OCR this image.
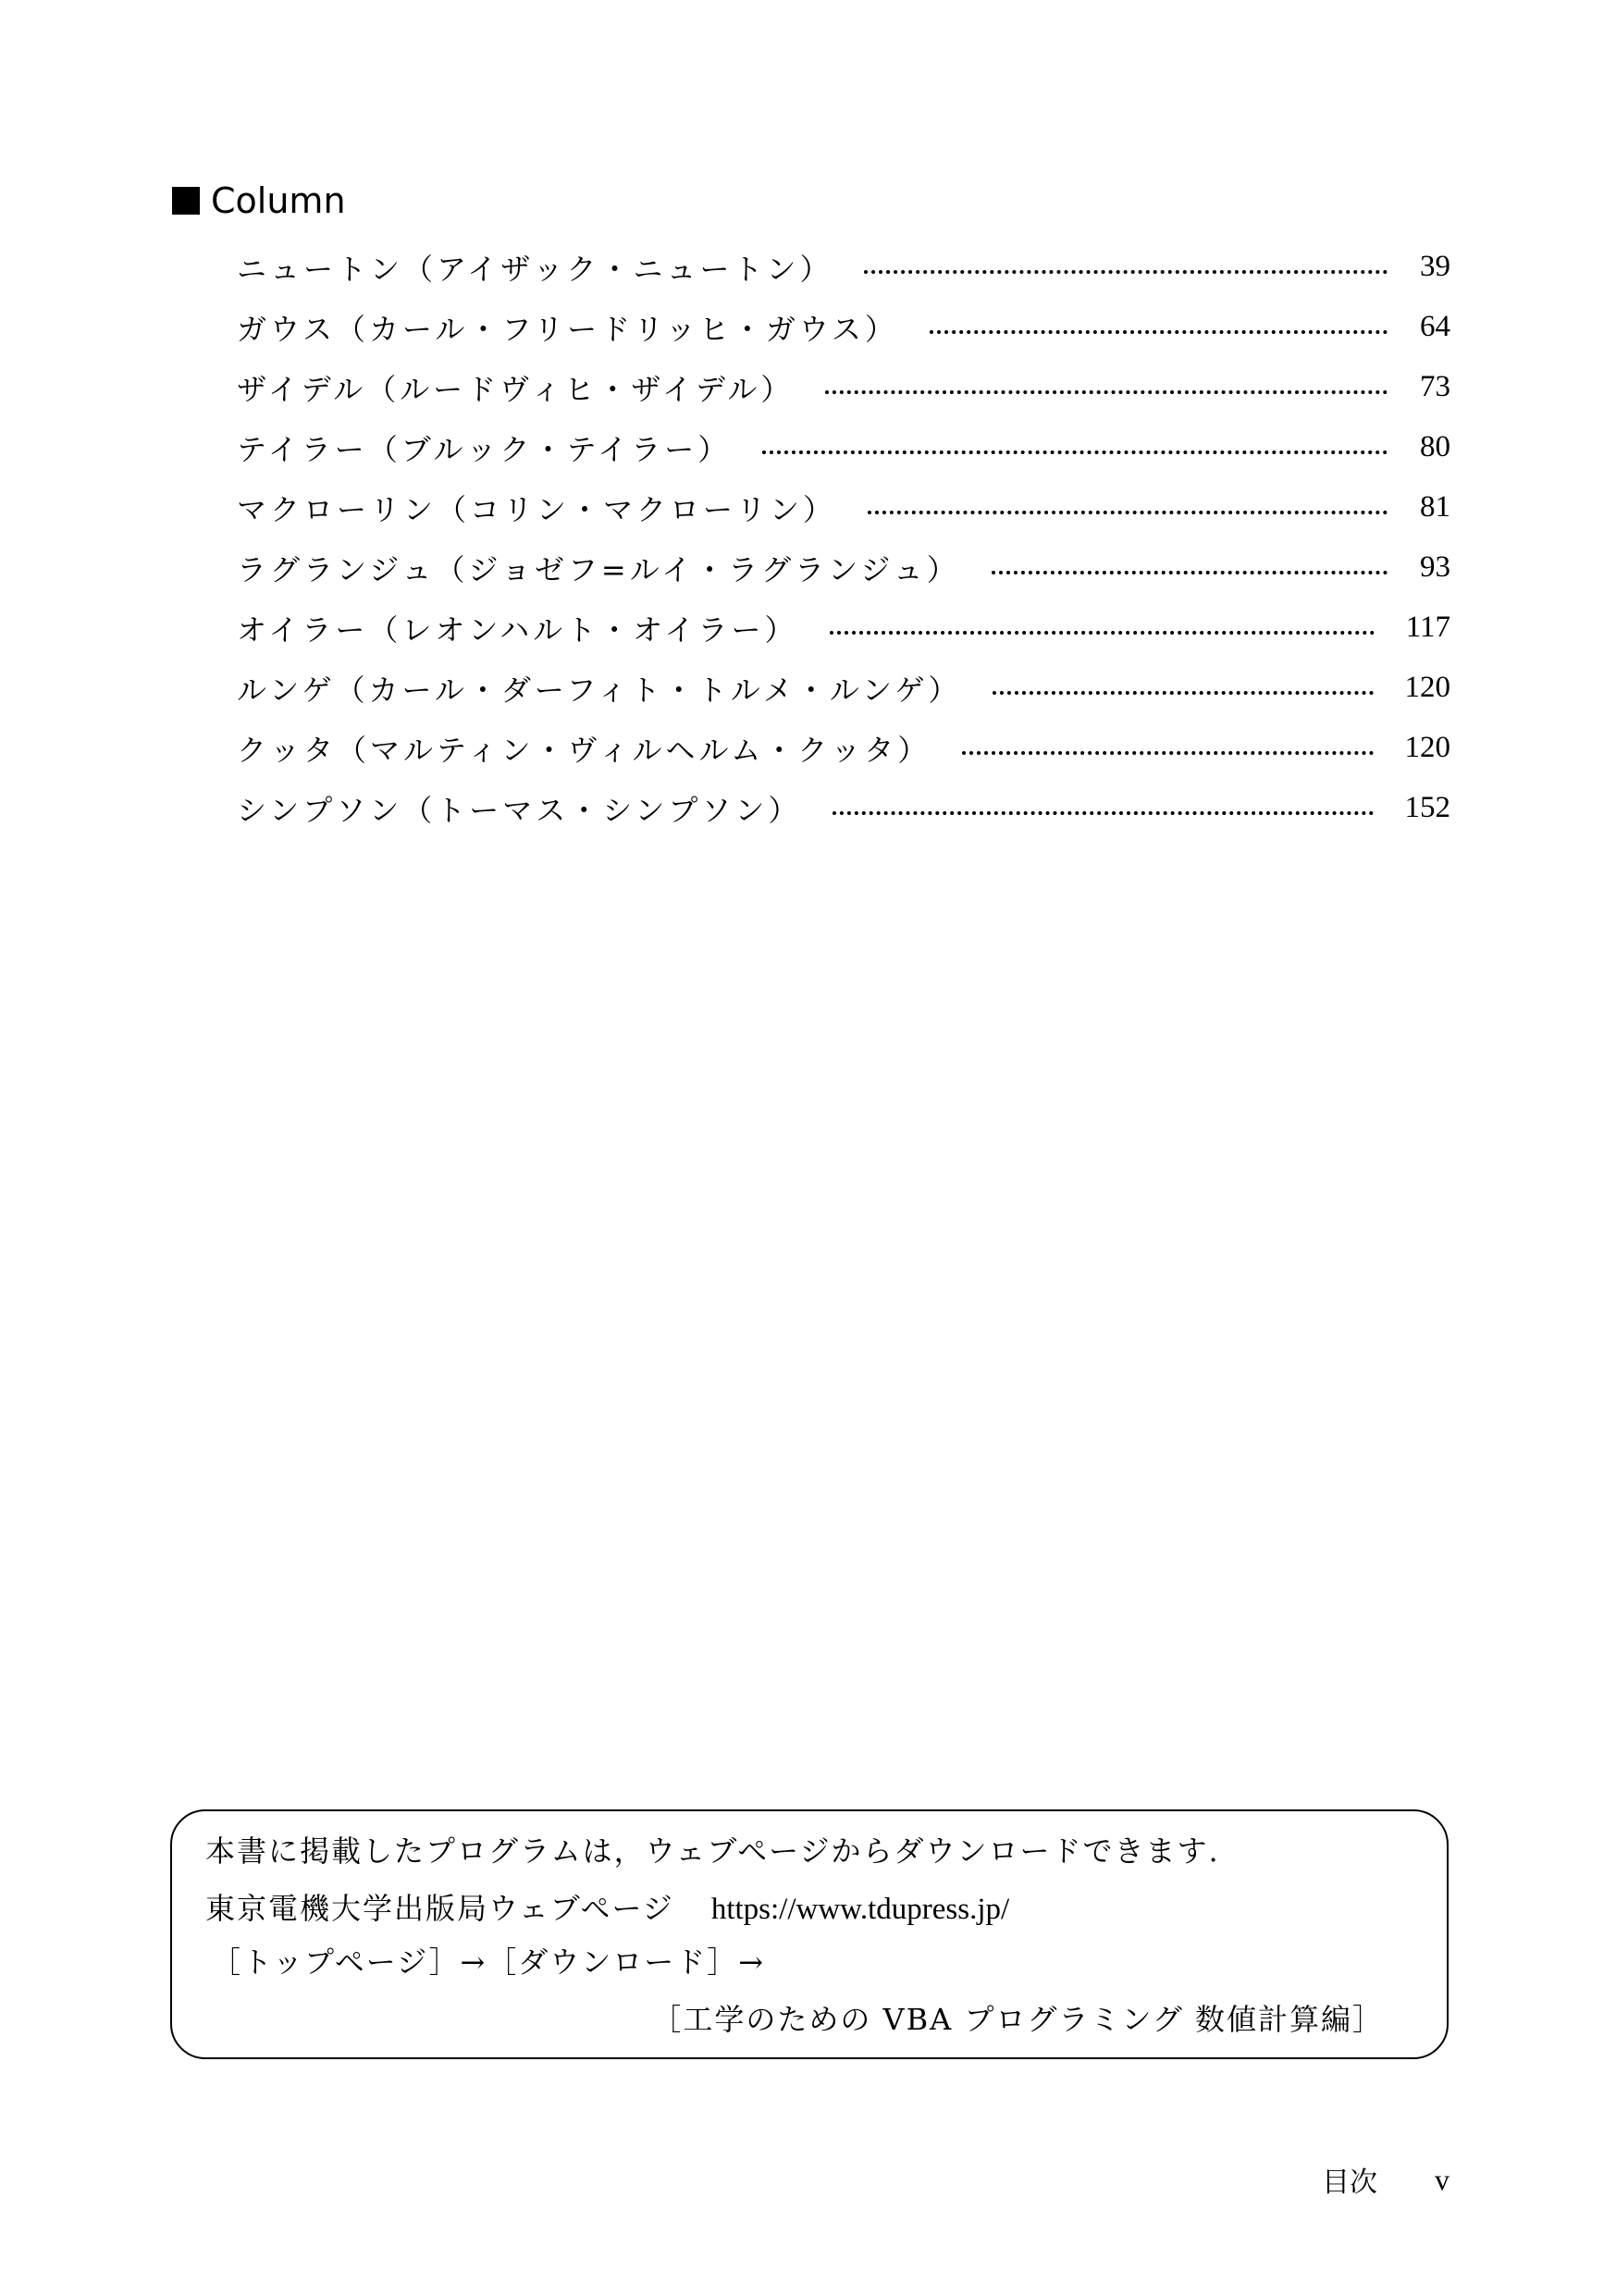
Column
ニュートン（アイザック・ニュートン）	39
ガウス（カール・フリードリッヒ・ガウス）	64
ザイデル（ルードヴィヒ・ザイデル）	73
テイラー（ブルック・テイラー）	80
マクローリン（コリン・マクローリン）	81
ラグランジュ（ジョゼフ=ルイ・ラグランジュ）	93
オイラー（レオンハルト・オイラー）	117
ルンゲ（カール・ダーフィト・トルメ・ルンゲ）	120
クッタ（マルティン・ヴィルヘルム・クッタ）	120
シンプソン（トーマス・シンプソン）	152
本書に掲載したプログラムは，ウェブページからダウンロードできます.
東京電機大学出版局ウェブページ https://www.tdupress.jp/
［トップページ］→［ダウンロード］→
［工学のための VBA プログラミング 数値計算編］
目次 v
